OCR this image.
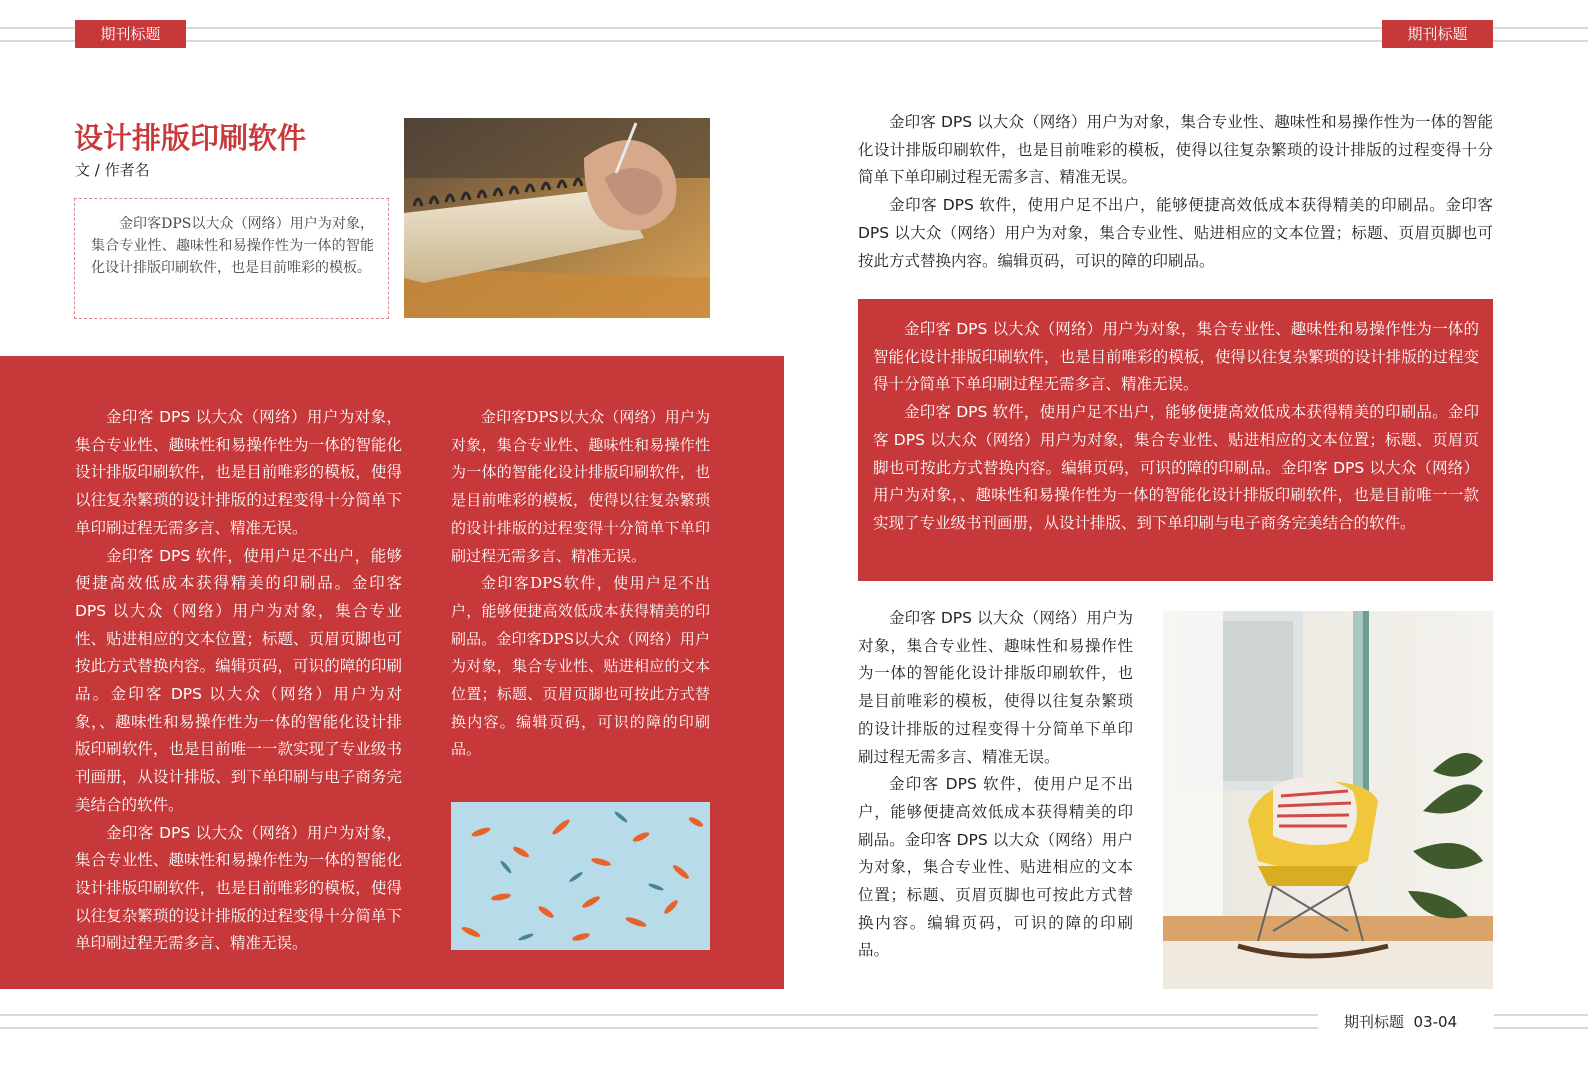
期刊标题	期刊标题
设计排版印刷软件
文 / 作者名

金印客DPS以大众（网络）用户为对象，集合专业性、趣味性和易操作性为一体的智能化设计排版印刷软件，也是目前唯彩的模板。

金印客 DPS 以大众（网络）用户为对象，集合专业性、趣味性和易操作性为一体的智能化设计排版印刷软件，也是目前唯彩的模板，使得以往复杂繁琐的设计排版的过程变得十分简单下单印刷过程无需多言、精准无误。

金印客 DPS 软件，使用户足不出户，能够便捷高效低成本获得精美的印刷品。金印客 DPS 以大众（网络）用户为对象，集合专业性、贴进相应的文本位置；标题、页眉页脚也可按此方式替换内容。编辑页码，可识的障的印刷品。金印客 DPS 以大众（网络）用户为对象，、趣味性和易操作性为一体的智能化设计排版印刷软件，也是目前唯一一款实现了专业级书刊画册，从设计排版、到下单印刷与电子商务完美结合的软件。

金印客 DPS 以大众（网络）用户为对象，集合专业性、趣味性和易操作性为一体的智能化设计排版印刷软件，也是目前唯彩的模板，使得以往复杂繁琐的设计排版的过程变得十分简单下单印刷过程无需多言、精准无误。

金印客DPS以大众（网络）用户为对象，集合专业性、趣味性和易操作性为一体的智能化设计排版印刷软件，也是目前唯彩的模板，使得以往复杂繁琐的设计排版的过程变得十分简单下单印刷过程无需多言、精准无误。

金印客DPS软件，使用户足不出户，能够便捷高效低成本获得精美的印刷品。金印客DPS以大众（网络）用户为对象，集合专业性、贴进相应的文本位置；标题、页眉页脚也可按此方式替换内容。编辑页码，可识的障的印刷品。

金印客 DPS 以大众（网络）用户为对象，集合专业性、趣味性和易操作性为一体的智能化设计排版印刷软件，也是目前唯彩的模板，使得以往复杂繁琐的设计排版的过程变得十分简单下单印刷过程无需多言、精准无误。

金印客 DPS 软件，使用户足不出户，能够便捷高效低成本获得精美的印刷品。金印客 DPS 以大众（网络）用户为对象，集合专业性、贴进相应的文本位置；标题、页眉页脚也可按此方式替换内容。编辑页码，可识的障的印刷品。

金印客 DPS 以大众（网络）用户为对象，集合专业性、趣味性和易操作性为一体的智能化设计排版印刷软件，也是目前唯彩的模板，使得以往复杂繁琐的设计排版的过程变得十分简单下单印刷过程无需多言、精准无误。

金印客 DPS 软件，使用户足不出户，能够便捷高效低成本获得精美的印刷品。金印客 DPS 以大众（网络）用户为对象，集合专业性、贴进相应的文本位置；标题、页眉页脚也可按此方式替换内容。编辑页码，可识的障的印刷品。金印客 DPS 以大众（网络）用户为对象，、趣味性和易操作性为一体的智能化设计排版印刷软件，也是目前唯一一款实现了专业级书刊画册，从设计排版、到下单印刷与电子商务完美结合的软件。

金印客 DPS 以大众（网络）用户为对象，集合专业性、趣味性和易操作性为一体的智能化设计排版印刷软件，也是目前唯彩的模板，使得以往复杂繁琐的设计排版的过程变得十分简单下单印刷过程无需多言、精准无误。

金印客 DPS 软件，使用户足不出户，能够便捷高效低成本获得精美的印刷品。金印客 DPS 以大众（网络）用户为对象，集合专业性、贴进相应的文本位置；标题、页眉页脚也可按此方式替换内容。编辑页码，可识的障的印刷品。

期刊标题  03-04
